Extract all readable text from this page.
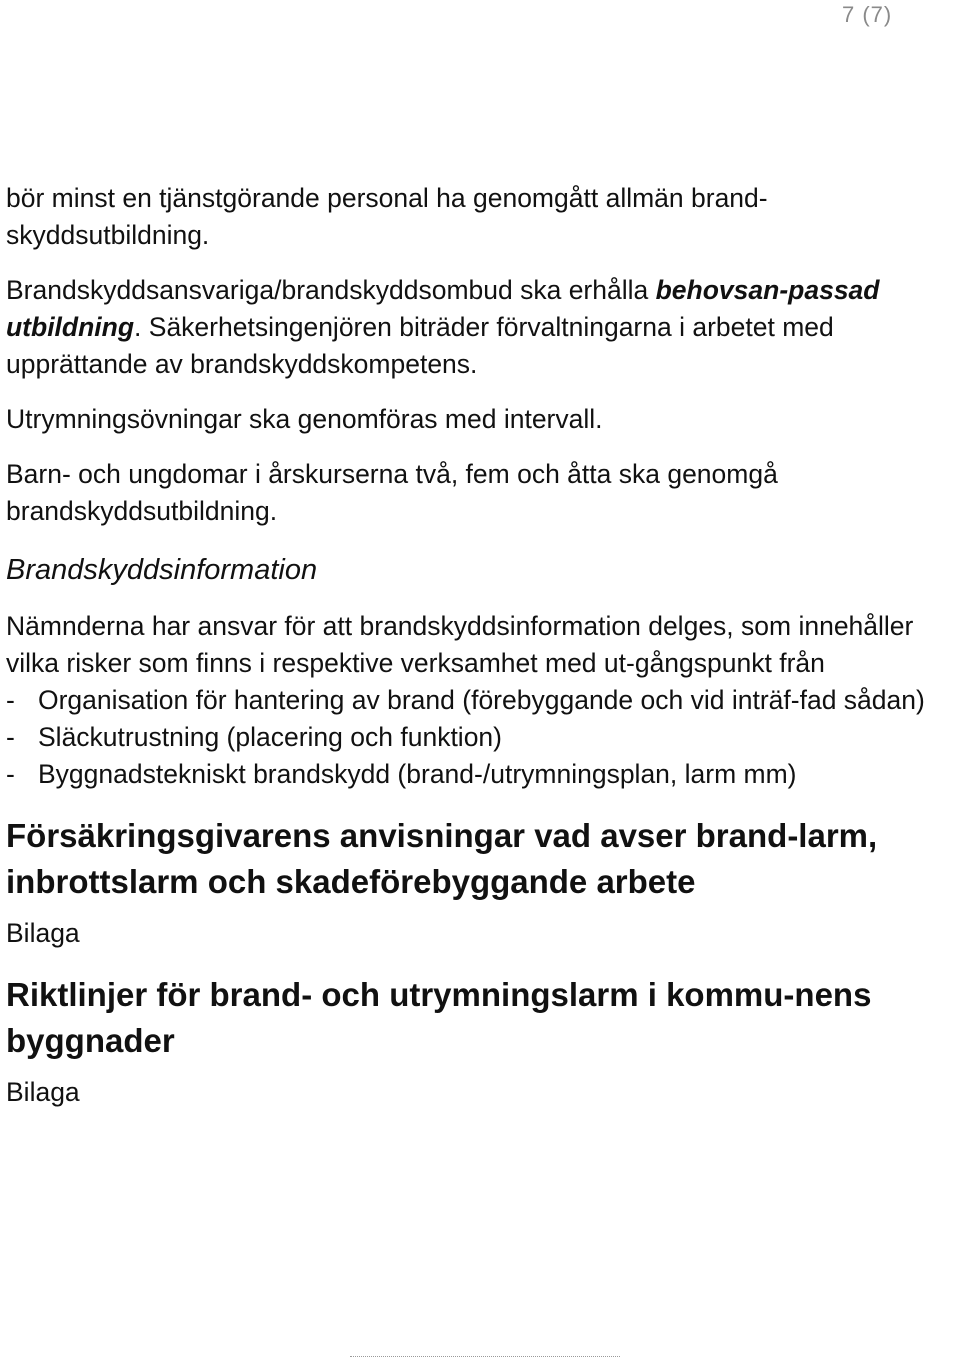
7 (7)

bör minst en tjänstgörande personal ha genomgått allmän brand-skyddsutbildning.

Brandskyddsansvariga/brandskyddsombud ska erhålla behovsan-passad utbildning. Säkerhetsingenjören biträder förvaltningarna i arbetet med upprättande av brandskyddskompetens.

Utrymningsövningar ska genomföras med intervall.

Barn- och ungdomar i årskurserna två, fem och åtta ska genomgå brandskyddsutbildning.

Brandskyddsinformation

Nämnderna har ansvar för att brandskyddsinformation delges, som innehåller vilka risker som finns i respektive verksamhet med ut-gångspunkt från

- Organisation för hantering av brand (förebyggande och vid inträf-fad sådan)
- Släckutrustning (placering och funktion)
- Byggnadstekniskt brandskydd (brand-/utrymningsplan, larm mm)
Försäkringsgivarens anvisningar vad avser brand-larm, inbrottslarm och skadeförebyggande arbete

Bilaga

Riktlinjer för brand- och utrymningslarm i kommu-nens byggnader

Bilaga
